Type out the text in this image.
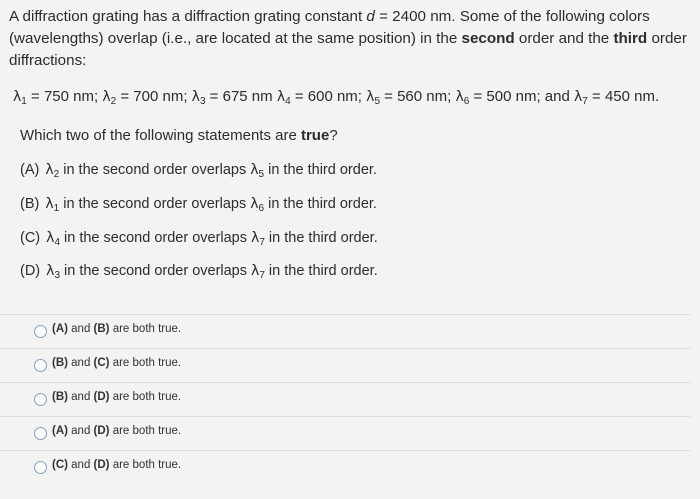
A diffraction grating has a diffraction grating constant d = 2400 nm. Some of the following colors (wavelengths) overlap (i.e., are located at the same position) in the second order and the third order diffractions:

$\lambda_1 = 750$ nm; $\lambda_2 = 700$ nm; $\lambda_3 = 675$ nm $\lambda_4 = 600$ nm; $\lambda_5 = 560$ nm; $\lambda_6 = 500$ nm; and $\lambda_7 = 450$ nm.
Which two of the following statements are true?
(A) $\lambda_2$ in the second order overlaps $\lambda_5$ in the third order.
(B) $\lambda_1$ in the second order overlaps $\lambda_6$ in the third order.
(C) $\lambda_4$ in the second order overlaps $\lambda_7$ in the third order.
(D) $\lambda_3$ in the second order overlaps $\lambda_7$ in the third order.
(A) and (B) are both true.
(B) and (C) are both true.
(B) and (D) are both true.
(A) and (D) are both true.
(C) and (D) are both true.
